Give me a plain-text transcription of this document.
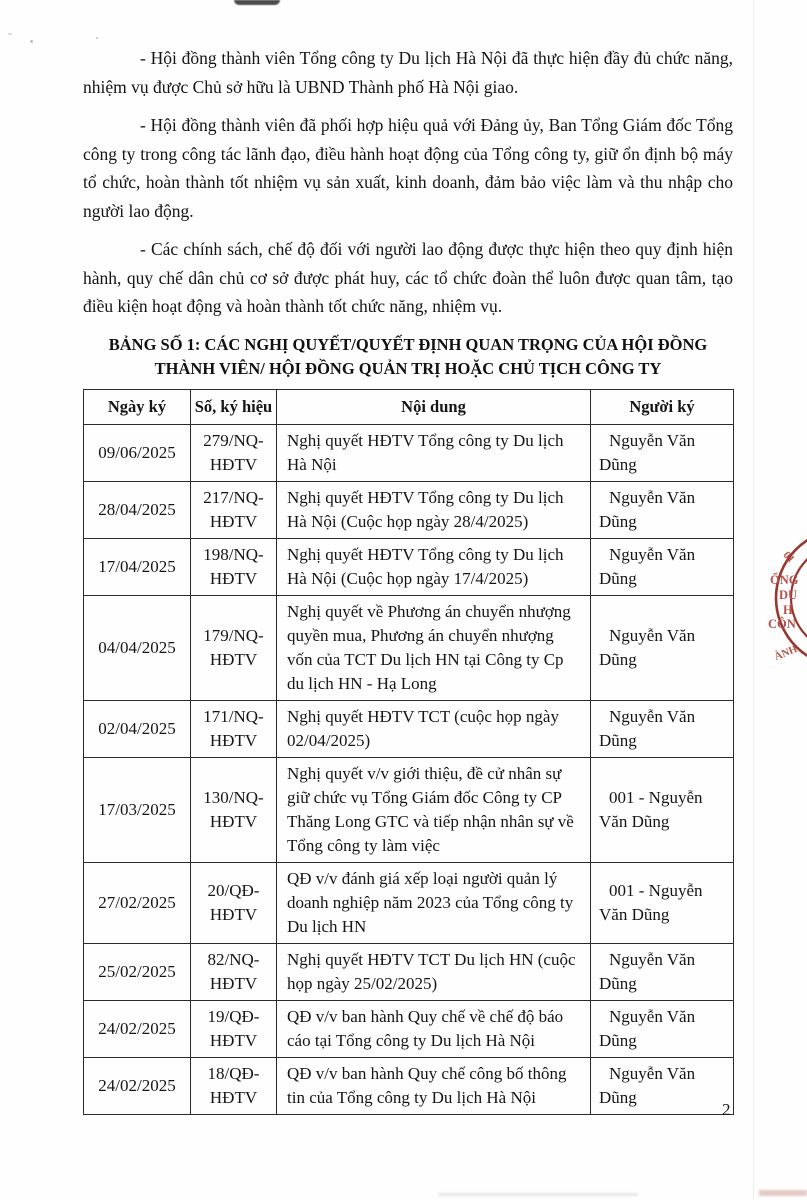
- Hội đồng thành viên Tổng công ty Du lịch Hà Nội đã thực hiện đầy đủ chức năng, nhiệm vụ được Chủ sở hữu là UBND Thành phố Hà Nội giao.

- Hội đồng thành viên đã phối hợp hiệu quả với Đảng ủy, Ban Tổng Giám đốc Tổng công ty trong công tác lãnh đạo, điều hành hoạt động của Tổng công ty, giữ ổn định bộ máy tổ chức, hoàn thành tốt nhiệm vụ sản xuất, kinh doanh, đảm bảo việc làm và thu nhập cho người lao động.

- Các chính sách, chế độ đối với người lao động được thực hiện theo quy định hiện hành, quy chế dân chủ cơ sở được phát huy, các tổ chức đoàn thể luôn được quan tâm, tạo điều kiện hoạt động và hoàn thành tốt chức năng, nhiệm vụ.

BẢNG SỐ 1: CÁC NGHỊ QUYẾT/QUYẾT ĐỊNH QUAN TRỌNG CỦA HỘI ĐỒNG
THÀNH VIÊN/ HỘI ĐỒNG QUẢN TRỊ HOẶC CHỦ TỊCH CÔNG TY
Ngày ký	Số, ký hiệu	Nội dung	Người ký
09/06/2025	279/NQ-HĐTV	Nghị quyết HĐTV Tổng công ty Du lịch Hà Nội	Nguyễn Văn Dũng
28/04/2025	217/NQ-HĐTV	Nghị quyết HĐTV Tổng công ty Du lịch Hà Nội (Cuộc họp ngày 28/4/2025)	Nguyễn Văn Dũng
17/04/2025	198/NQ-HĐTV	Nghị quyết HĐTV Tổng công ty Du lịch Hà Nội (Cuộc họp ngày 17/4/2025)	Nguyễn Văn Dũng
04/04/2025	179/NQ-HĐTV	Nghị quyết về Phương án chuyển nhượng quyền mua, Phương án chuyển nhượng vốn của TCT Du lịch HN tại Công ty Cp du lịch HN - Hạ Long	Nguyễn Văn Dũng
02/04/2025	171/NQ-HĐTV	Nghị quyết HĐTV TCT (cuộc họp ngày 02/04/2025)	Nguyễn Văn Dũng
17/03/2025	130/NQ-HĐTV	Nghị quyết v/v giới thiệu, đề cử nhân sự giữ chức vụ Tổng Giám đốc Công ty CP Thăng Long GTC và tiếp nhận nhân sự về Tổng công ty làm việc	001 - Nguyễn Văn Dũng
27/02/2025	20/QĐ-HĐTV	QĐ v/v đánh giá xếp loại người quản lý doanh nghiệp năm 2023 của Tổng công ty Du lịch HN	001 - Nguyễn Văn Dũng
25/02/2025	82/NQ-HĐTV	Nghị quyết HĐTV TCT Du lịch HN (cuộc họp ngày 25/02/2025)	Nguyễn Văn Dũng
24/02/2025	19/QĐ-HĐTV	QĐ v/v ban hành Quy chế về chế độ báo cáo tại Tổng công ty Du lịch Hà Nội	Nguyễn Văn Dũng
24/02/2025	18/QĐ-HĐTV	QĐ v/v ban hành Quy chế công bố thông tin của Tổng công ty Du lịch Hà Nội	Nguyễn Văn Dũng
01
ỔNG
DU
H
CÔN
ÀNH
2
